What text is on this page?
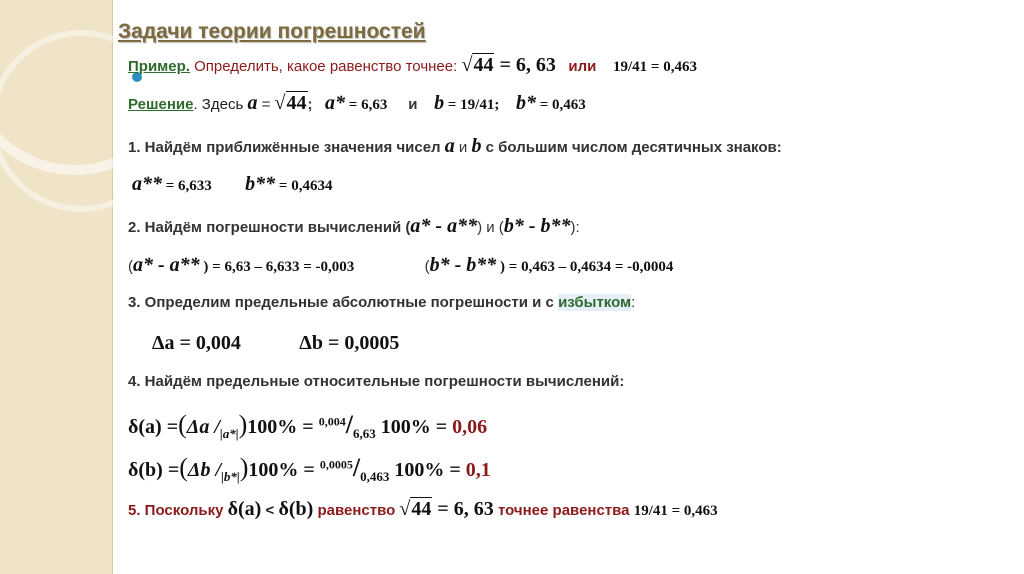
Задачи теории погрешностей
Пример. Определить, какое равенство точнее: √44 = 6, 63 или 19/41 = 0,463
Решение. Здесь a = √44; a* = 6,63 и b = 19/41; b* = 0,463
1. Найдём приближённые значения чисел a и b с большим числом десятичных знаков:
a** = 6,633 b** = 0,4634
2. Найдём погрешности вычислений (a* - a**) и (b* - b**):
(a* - a** ) = 6,63 – 6,633 = -0,003	(b* - b** ) = 0,463 – 0,4634 = -0,0004
3. Определим предельные абсолютные погрешности и с избытком:
Δa = 0,004	Δb = 0,0005
4. Найдём предельные относительные погрешности вычислений:
δ(a) =(Δa $/_{|a*|})100\% = ^{0,004}/_{6,63}$ 100% = 0,06
δ(b) =(Δb $/_{|b*|})100\% = ^{0,0005}/_{0,463}$ 100% = 0,1
5. Поскольку δ(a) < δ(b) равенство √44 = 6, 63 точнее равенства 19/41 = 0,463
